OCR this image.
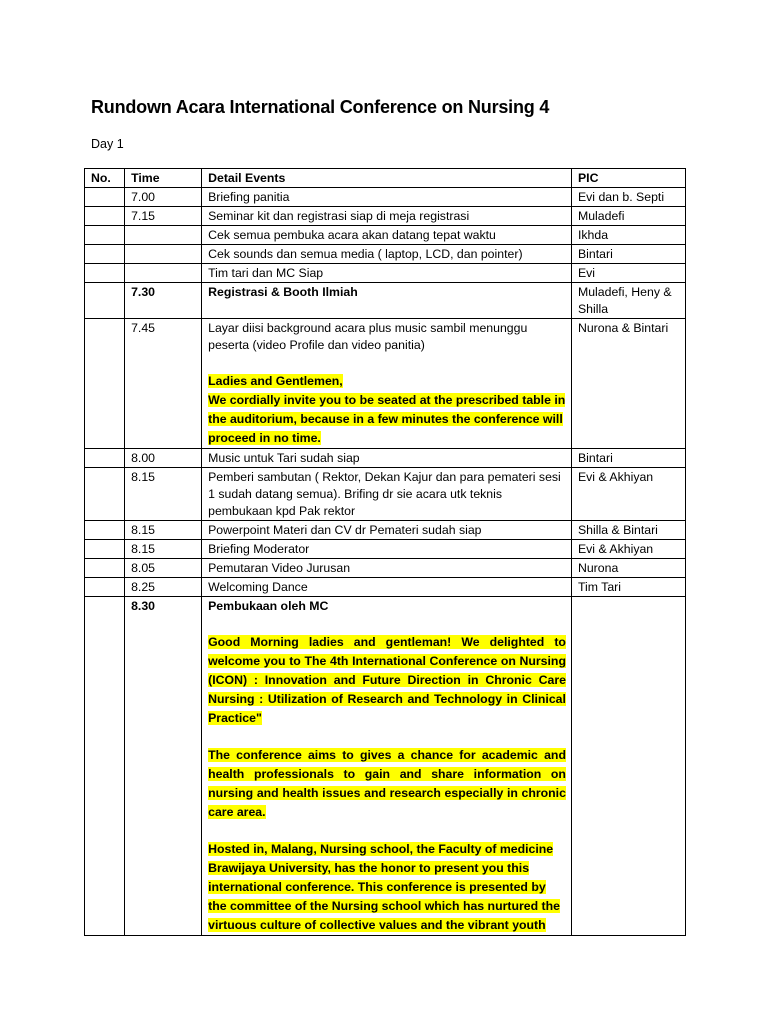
Rundown Acara International Conference on Nursing 4
Day 1
No.	Time	Detail Events	PIC
	7.00	Briefing panitia	Evi dan b. Septi
	7.15	Seminar kit dan registrasi siap di meja registrasi	Muladefi
		Cek semua pembuka acara akan datang tepat waktu	Ikhda
		Cek sounds dan semua media ( laptop, LCD, dan pointer)	Bintari
		Tim tari dan MC Siap	Evi
	7.30	Registrasi & Booth Ilmiah	Muladefi, Heny & Shilla
	7.45	Layar diisi background acara plus music sambil menunggu peserta (video Profile dan video panitia)
Ladies and Gentlemen,
We cordially invite you to be seated at the prescribed table in the auditorium, because in a few minutes the conference will proceed in no time.	Nurona & Bintari
	8.00	Music untuk Tari sudah siap	Bintari
	8.15	Pemberi sambutan ( Rektor, Dekan Kajur dan para pemateri sesi 1 sudah datang semua). Brifing dr sie acara utk teknis pembukaan kpd Pak rektor	Evi & Akhiyan
	8.15	Powerpoint Materi dan CV dr Pemateri sudah siap	Shilla & Bintari
	8.15	Briefing Moderator	Evi & Akhiyan
	8.05	Pemutaran Video Jurusan	Nurona
	8.25	Welcoming Dance	Tim Tari
	8.30	Pembukaan oleh MC
Good Morning ladies and gentleman! We delighted to welcome you to The 4th International Conference on Nursing (ICON) : Innovation and Future Direction in Chronic Care Nursing : Utilization of Research and Technology in Clinical Practice"
The conference aims to gives a chance for academic and health professionals to gain and share information on nursing and health issues and research especially in chronic care area.
Hosted in, Malang, Nursing school, the Faculty of medicine Brawijaya University, has the honor to present you this international conference. This conference is presented by the committee of the Nursing school which has nurtured the virtuous culture of collective values and the vibrant youth	
